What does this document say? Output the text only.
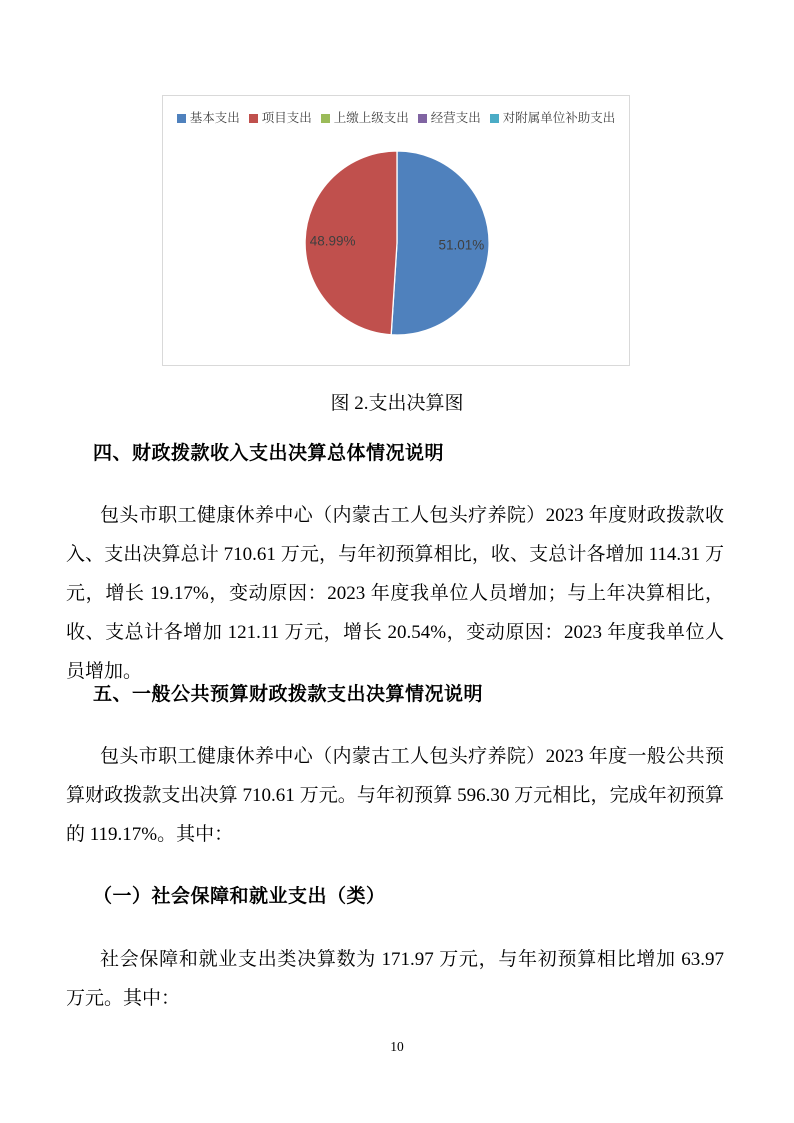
基本支出 项目支出 上缴上级支出 经营支出 对附属单位补助支出
51.01%
48.99%
图 2.支出决算图
四、财政拨款收入支出决算总体情况说明

包头市职工健康休养中心（内蒙古工人包头疗养院）2023 年度财政拨款收入、支出决算总计 710.61 万元，与年初预算相比，收、支总计各增加 114.31 万元，增长 19.17%，变动原因：2023 年度我单位人员增加；与上年决算相比，收、支总计各增加 121.11 万元，增长 20.54%，变动原因：2023 年度我单位人员增加。

五、一般公共预算财政拨款支出决算情况说明

包头市职工健康休养中心（内蒙古工人包头疗养院）2023 年度一般公共预算财政拨款支出决算 710.61 万元。与年初预算 596.30 万元相比，完成年初预算的 119.17%。其中：

（一）社会保障和就业支出（类）

社会保障和就业支出类决算数为 171.97 万元，与年初预算相比增加 63.97 万元。其中：

10
